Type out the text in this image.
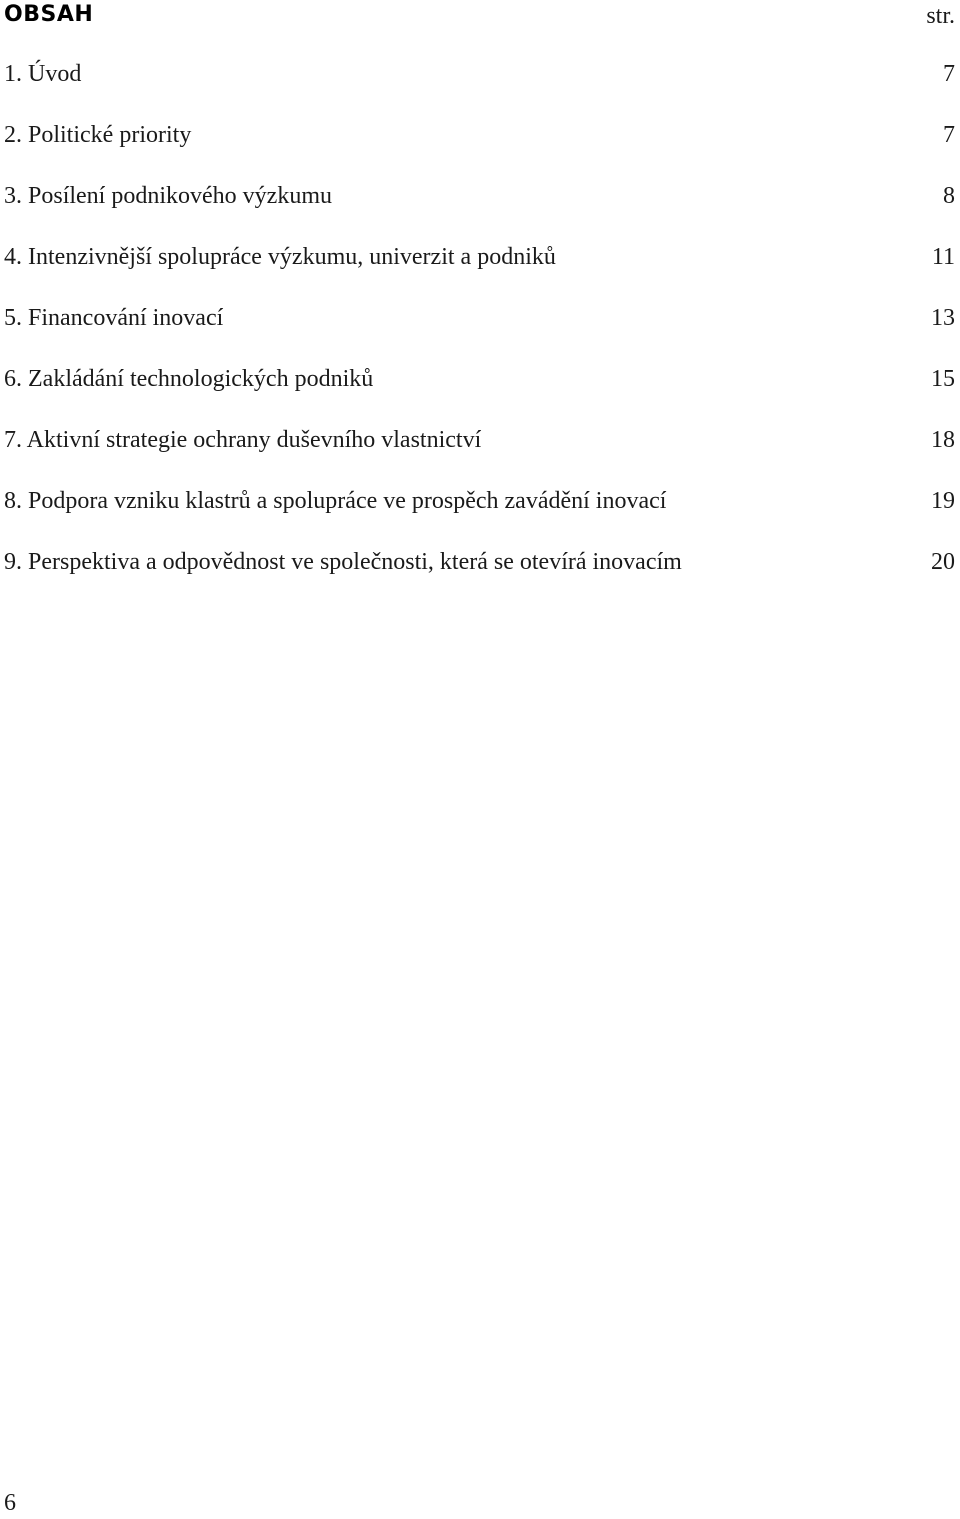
OBSAH	str.
1. Úvod	7
2. Politické priority	7
3. Posílení podnikového výzkumu	8
4. Intenzivnější spolupráce výzkumu, univerzit a podniků	11
5. Financování inovací	13
6. Zakládání technologických podniků	15
7. Aktivní strategie ochrany duševního vlastnictví	18
8. Podpora vzniku klastrů a spolupráce ve prospěch zavádění inovací	19
9. Perspektiva a odpovědnost ve společnosti, která se otevírá inovacím	20
6
